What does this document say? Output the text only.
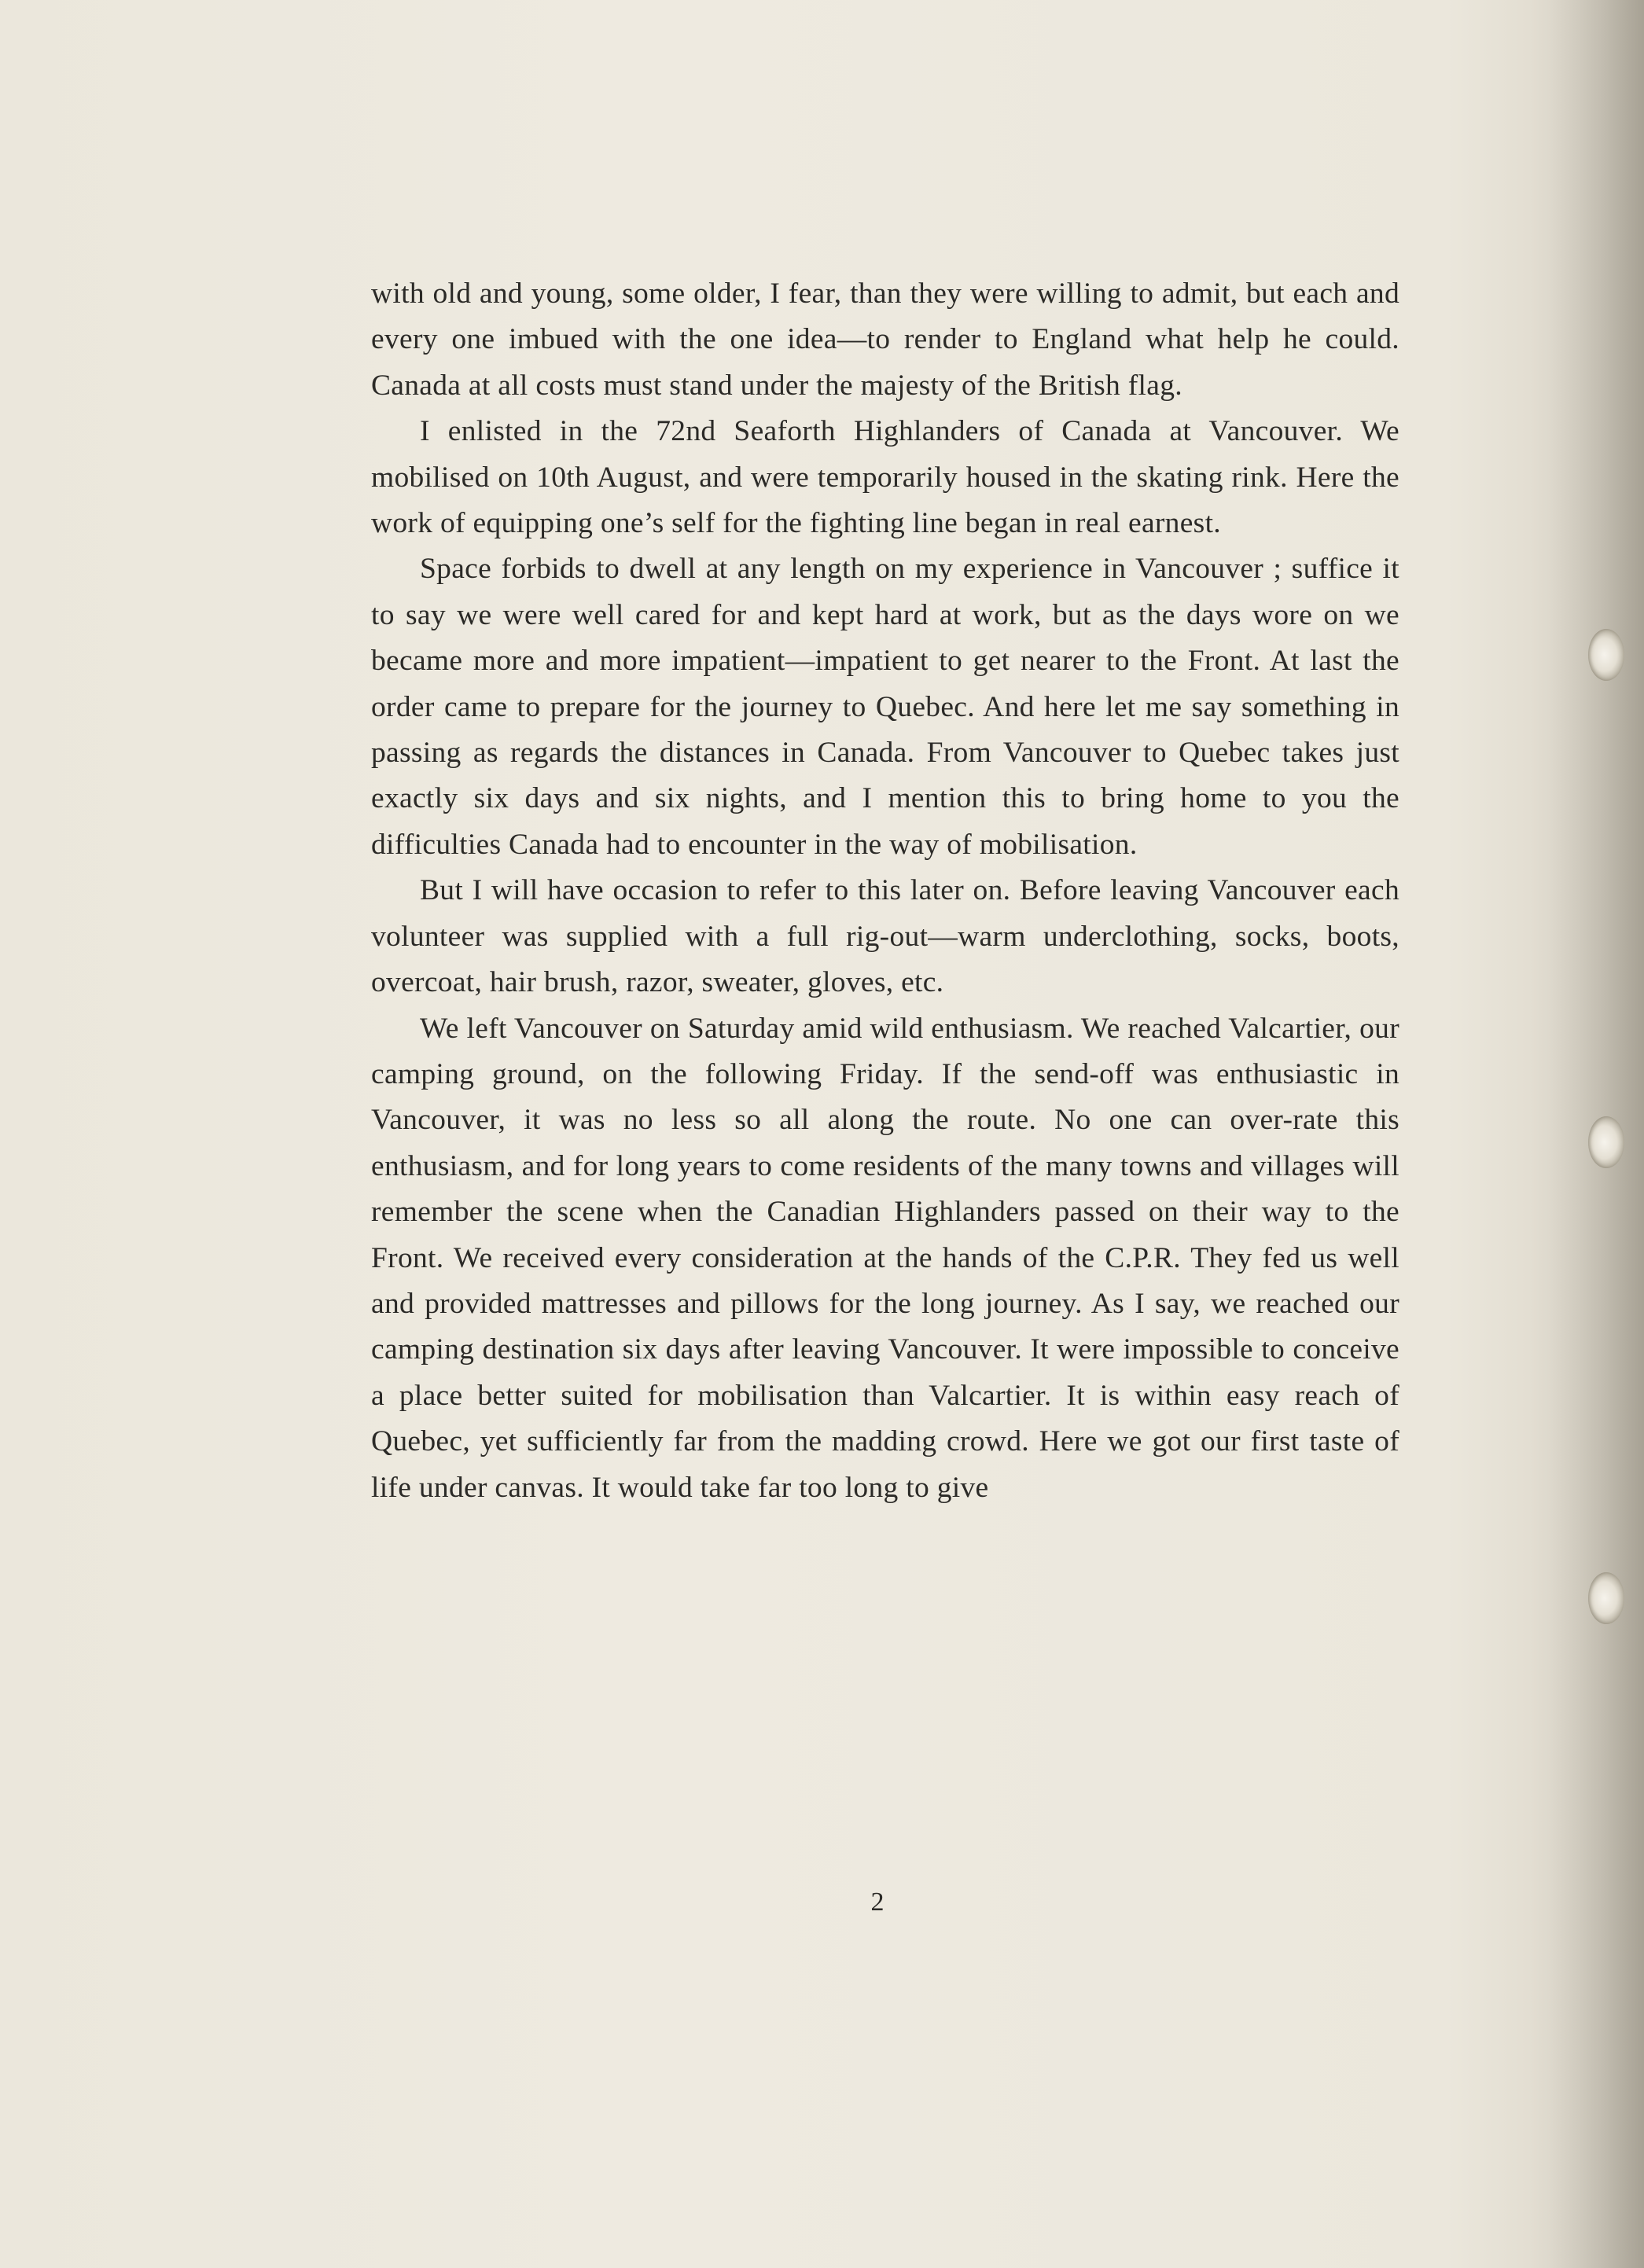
with old and young, some older, I fear, than they were willing to admit, but each and every one imbued with the one idea—to render to England what help he could. Canada at all costs must stand under the majesty of the British flag.

I enlisted in the 72nd Seaforth Highlanders of Canada at Vancouver. We mobilised on 10th August, and were temporarily housed in the skating rink. Here the work of equipping one’s self for the fighting line began in real earnest.

Space forbids to dwell at any length on my experience in Vancouver ; suffice it to say we were well cared for and kept hard at work, but as the days wore on we became more and more impatient—impatient to get nearer to the Front. At last the order came to prepare for the journey to Quebec. And here let me say something in passing as regards the distances in Canada. From Vancouver to Quebec takes just exactly six days and six nights, and I mention this to bring home to you the difficulties Canada had to encounter in the way of mobilisation.

But I will have occasion to refer to this later on. Before leaving Vancouver each volunteer was supplied with a full rig-out—warm underclothing, socks, boots, overcoat, hair brush, razor, sweater, gloves, etc.

We left Vancouver on Saturday amid wild enthusiasm. We reached Valcartier, our camping ground, on the following Friday. If the send-off was enthusiastic in Vancouver, it was no less so all along the route. No one can over-rate this enthusiasm, and for long years to come residents of the many towns and villages will remember the scene when the Canadian Highlanders passed on their way to the Front. We received every consideration at the hands of the C.P.R. They fed us well and provided mattresses and pillows for the long journey. As I say, we reached our camping destination six days after leaving Vancouver. It were impossible to conceive a place better suited for mobilisation than Valcartier. It is within easy reach of Quebec, yet sufficiently far from the madding crowd. Here we got our first taste of life under canvas. It would take far too long to give

2
